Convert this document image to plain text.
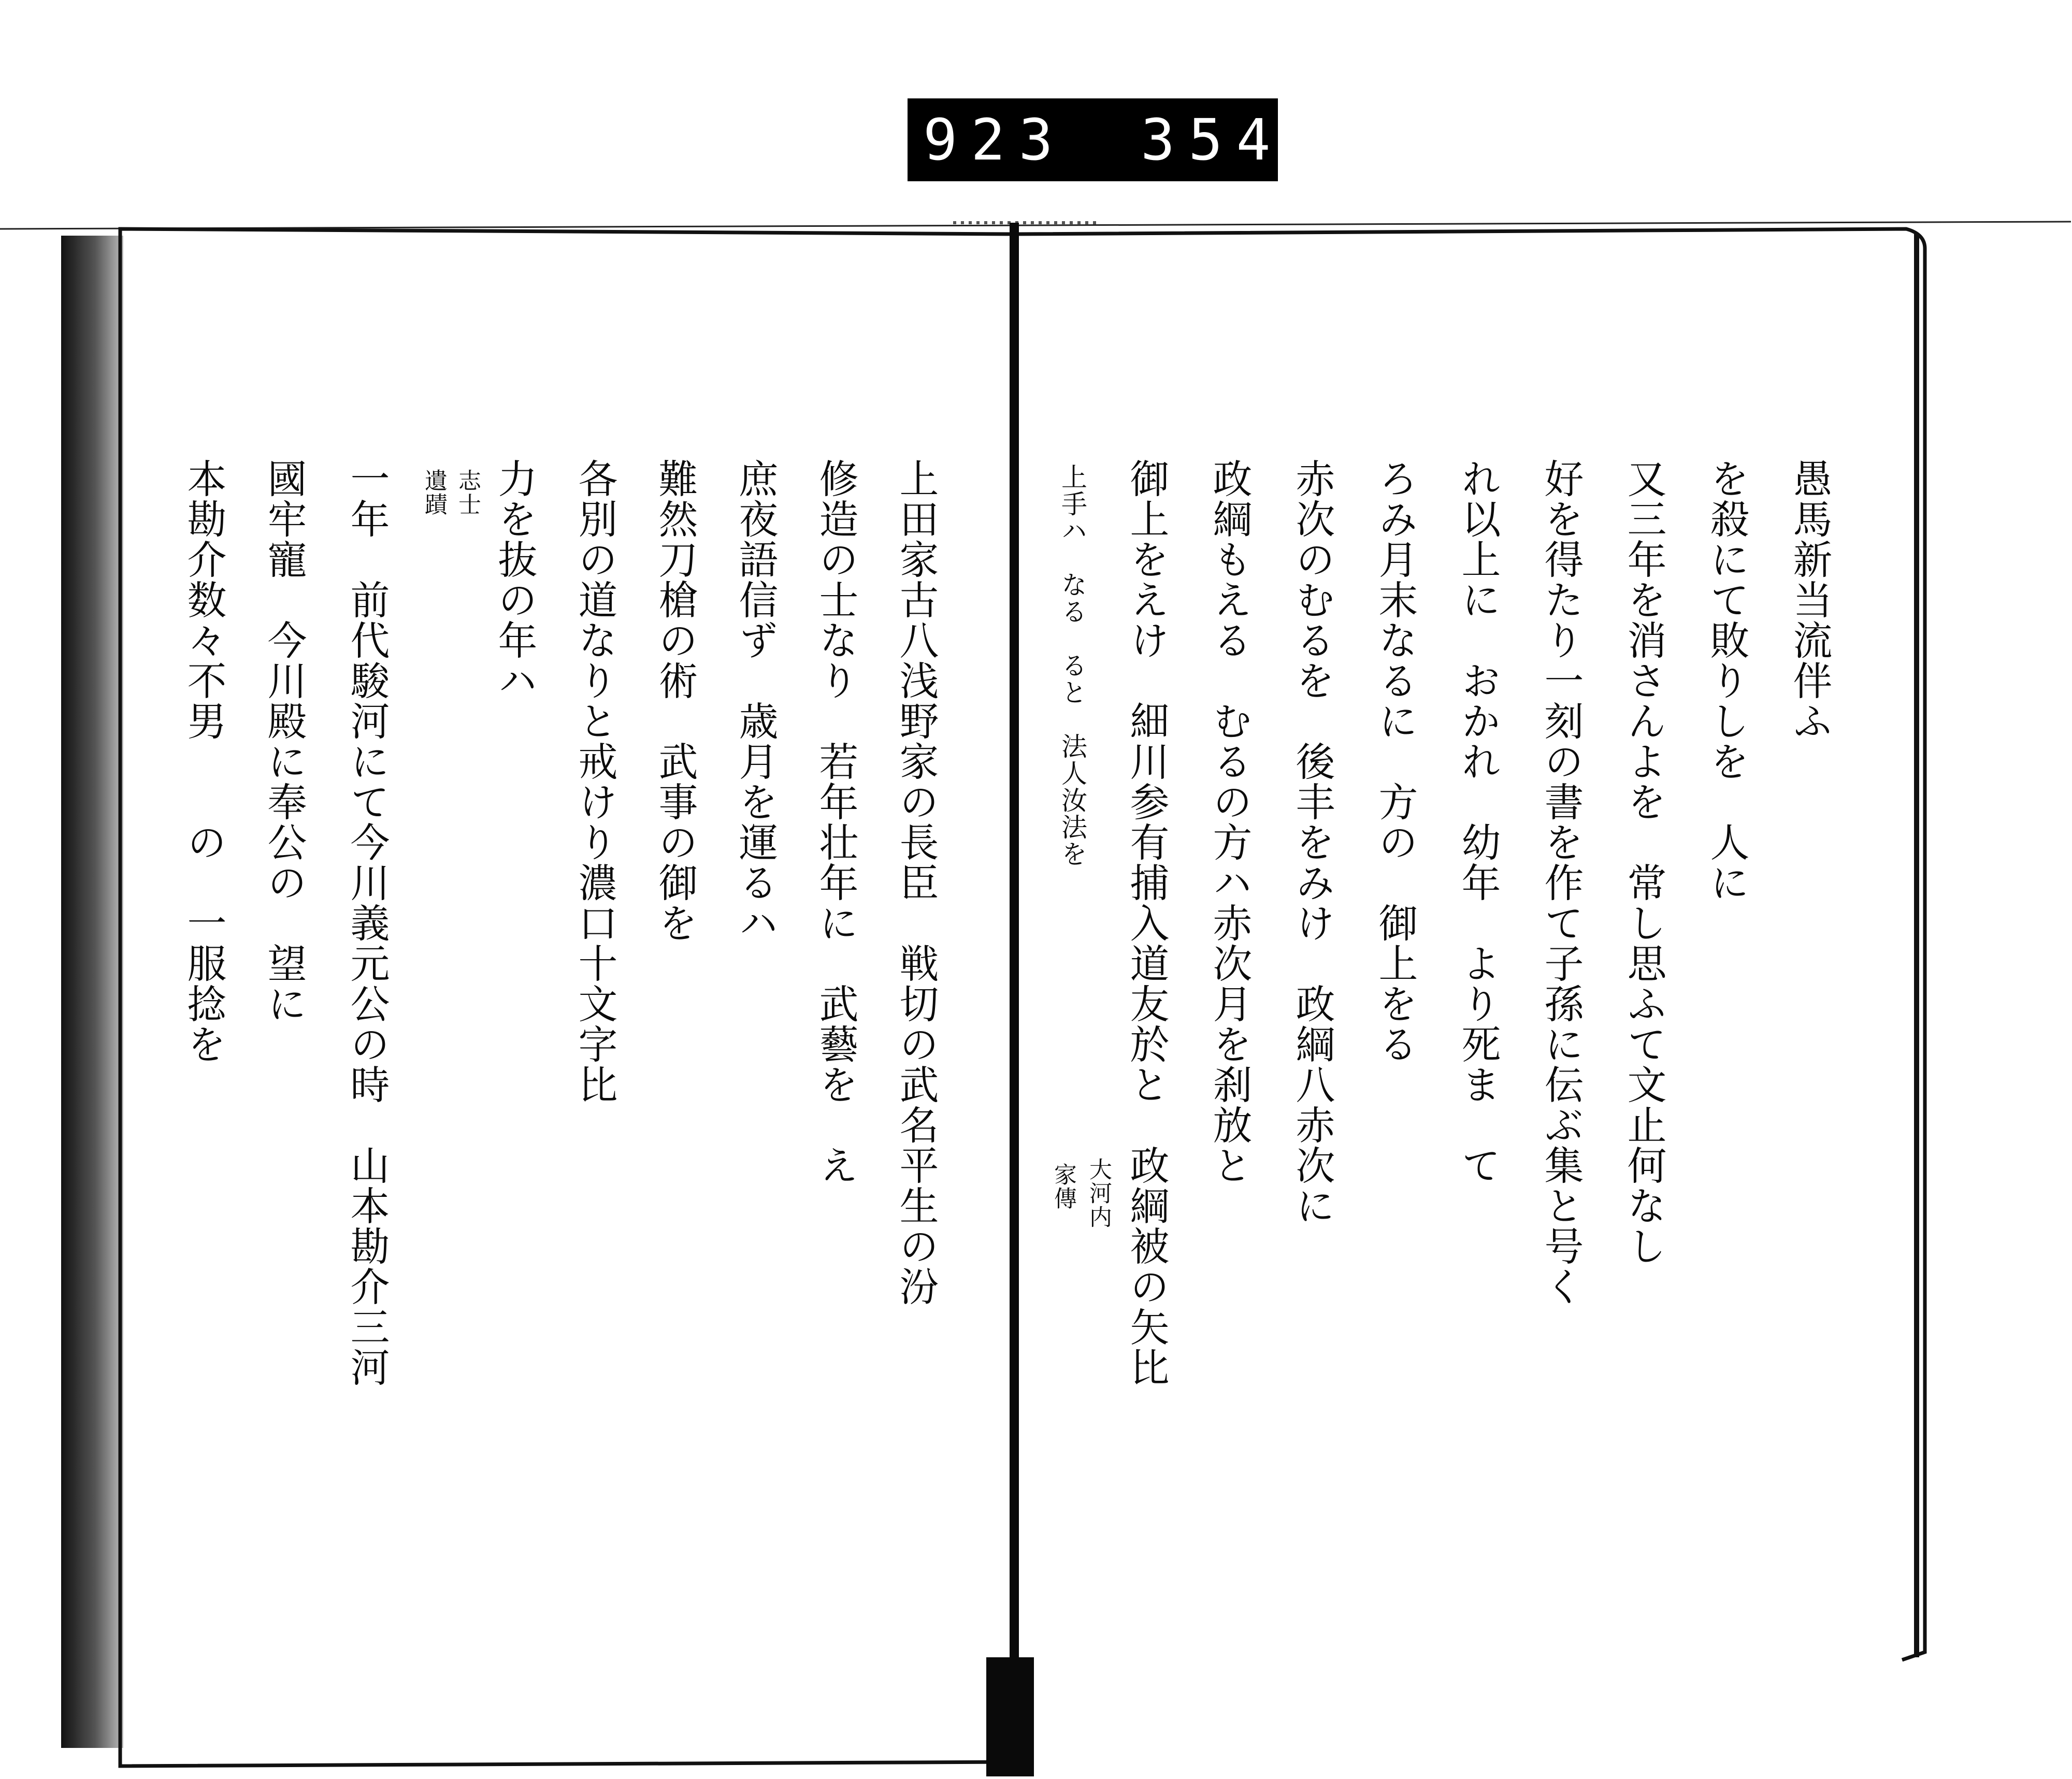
923 354
愚馬新当流伴ふ
を殺にて敗りしを　人に
又三年を消さんよを　常し思ふて文止何なし
好を得たり一刻の書を作て子孫に伝ぶ集と号く
れ以上に　おかれ　幼年　より死ま　て
ろみ月末なるに　方の　御上をる
赤次のむるを　後丰をみけ　政綱八赤次に
政綱もえる　むるの方ハ赤次月を刹放と
御上をえけ　細川参有捕入道友於と　政綱被の矢比
上手ハ　なる　ると　法人汝法を
大河内
家傳
上田家古八浅野家の長臣　戦切の武名平生の汾
修造の士なり　若年壮年に　武藝を　え
庶夜語信ず　歳月を運るハ
難然刀槍の術　武事の御を
各別の道なりと戒けり濃口十文字比
力を抜の年ハ
志士
遺蹟
一年　前代駿河にて今川義元公の時　山本勘介三河
國牢寵　今川殿に奉公の　望に
本勘介数々不男　　の　一服捻を
